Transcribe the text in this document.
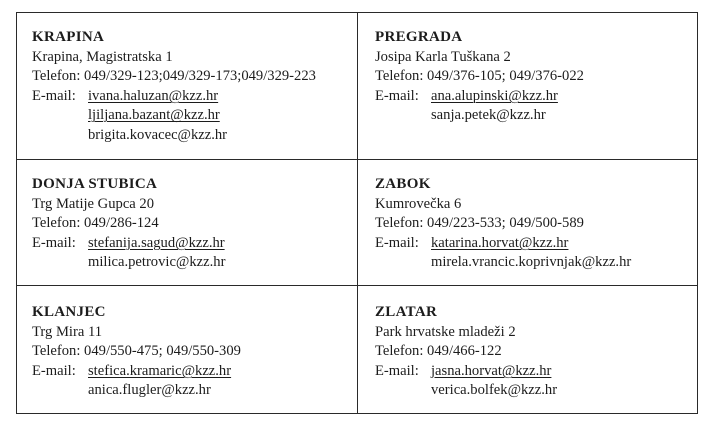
KRAPINA
Krapina, Magistratska 1
Telefon: 049/329-123;049/329-173;049/329-223
E-mail: ivana.haluzan@kzz.hr
ljiljana.bazant@kzz.hr
brigita.kovacec@kzz.hr
PREGRADA
Josipa Karla Tuškana 2
Telefon: 049/376-105; 049/376-022
E-mail: ana.alupinski@kzz.hr
sanja.petek@kzz.hr
DONJA STUBICA
Trg Matije Gupca 20
Telefon: 049/286-124
E-mail: stefanija.sagud@kzz.hr
milica.petrovic@kzz.hr
ZABOK
Kumrovečka 6
Telefon: 049/223-533; 049/500-589
E-mail: katarina.horvat@kzz.hr
mirela.vrancic.koprivnjak@kzz.hr
KLANJEC
Trg Mira 11
Telefon: 049/550-475; 049/550-309
E-mail: stefica.kramaric@kzz.hr
anica.flugler@kzz.hr
ZLATAR
Park hrvatske mladeži 2
Telefon: 049/466-122
E-mail: jasna.horvat@kzz.hr
verica.bolfek@kzz.hr
